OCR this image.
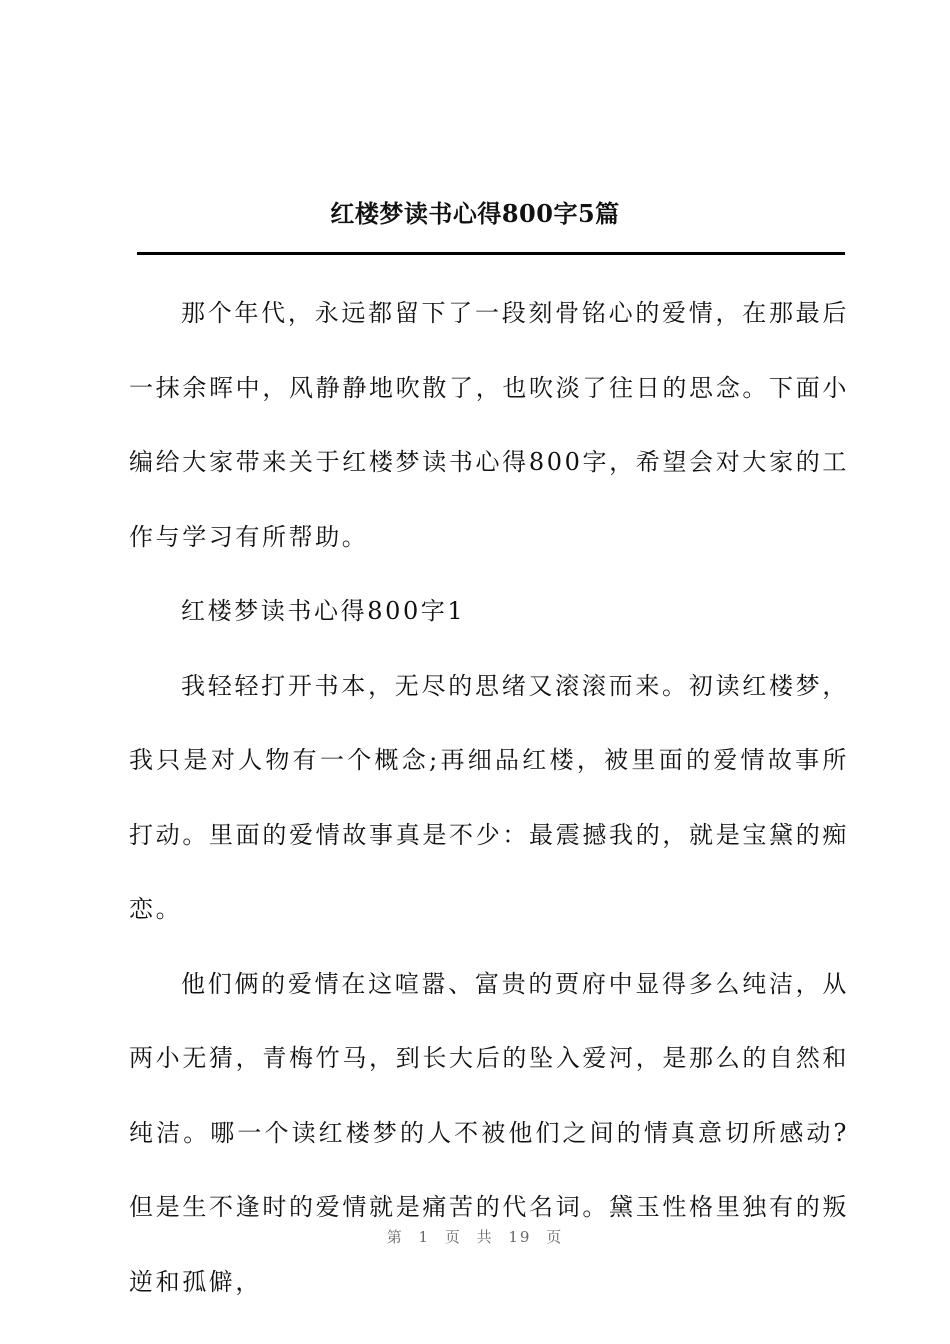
红楼梦读书心得800字5篇

那个年代，永远都留下了一段刻骨铭心的爱情，在那最后一抹余晖中，风静静地吹散了，也吹淡了往日的思念。下面小编给大家带来关于红楼梦读书心得800字，希望会对大家的工作与学习有所帮助。

红楼梦读书心得800字1

我轻轻打开书本，无尽的思绪又滚滚而来。初读红楼梦，我只是对人物有一个概念;再细品红楼，被里面的爱情故事所打动。里面的爱情故事真是不少：最震撼我的，就是宝黛的痴恋。

他们俩的爱情在这喧嚣、富贵的贾府中显得多么纯洁，从两小无猜，青梅竹马，到长大后的坠入爱河，是那么的自然和纯洁。哪一个读红楼梦的人不被他们之间的情真意切所感动?但是生不逢时的爱情就是痛苦的代名词。黛玉性格里独有的叛逆和孤僻，

第 1 页 共 19 页
